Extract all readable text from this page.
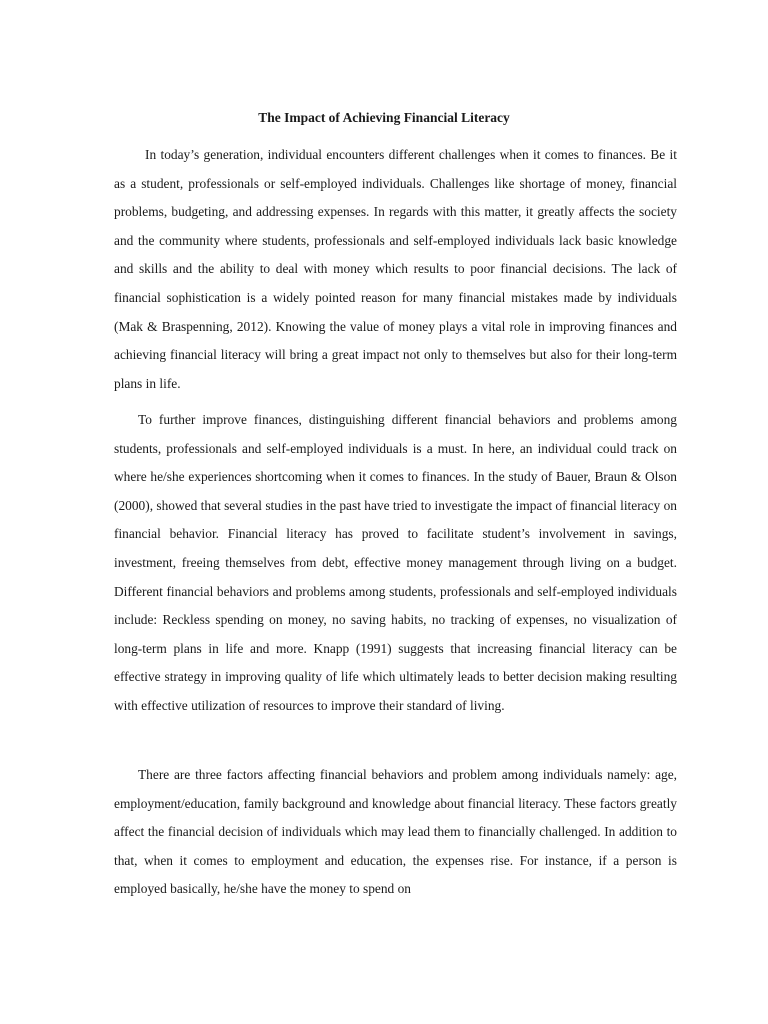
The Impact of Achieving Financial Literacy

In today’s generation, individual encounters different challenges when it comes to finances. Be it as a student, professionals or self-employed individuals. Challenges like shortage of money, financial problems, budgeting, and addressing expenses. In regards with this matter, it greatly affects the society and the community where students, professionals and self-employed individuals lack basic knowledge and skills and the ability to deal with money which results to poor financial decisions. The lack of financial sophistication is a widely pointed reason for many financial mistakes made by individuals (Mak & Braspenning, 2012). Knowing the value of money plays a vital role in improving finances and achieving financial literacy will bring a great impact not only to themselves but also for their long-term plans in life.

To further improve finances, distinguishing different financial behaviors and problems among students, professionals and self-employed individuals is a must. In here, an individual could track on where he/she experiences shortcoming when it comes to finances. In the study of Bauer, Braun & Olson (2000), showed that several studies in the past have tried to investigate the impact of financial literacy on financial behavior. Financial literacy has proved to facilitate student’s involvement in savings, investment, freeing themselves from debt, effective money management through living on a budget. Different financial behaviors and problems among students, professionals and self-employed individuals include: Reckless spending on money, no saving habits, no tracking of expenses, no visualization of long-term plans in life and more. Knapp (1991) suggests that increasing financial literacy can be effective strategy in improving quality of life which ultimately leads to better decision making resulting with effective utilization of resources to improve their standard of living.

There are three factors affecting financial behaviors and problem among individuals namely: age, employment/education, family background and knowledge about financial literacy. These factors greatly affect the financial decision of individuals which may lead them to financially challenged. In addition to that, when it comes to employment and education, the expenses rise. For instance, if a person is employed basically, he/she have the money to spend on
